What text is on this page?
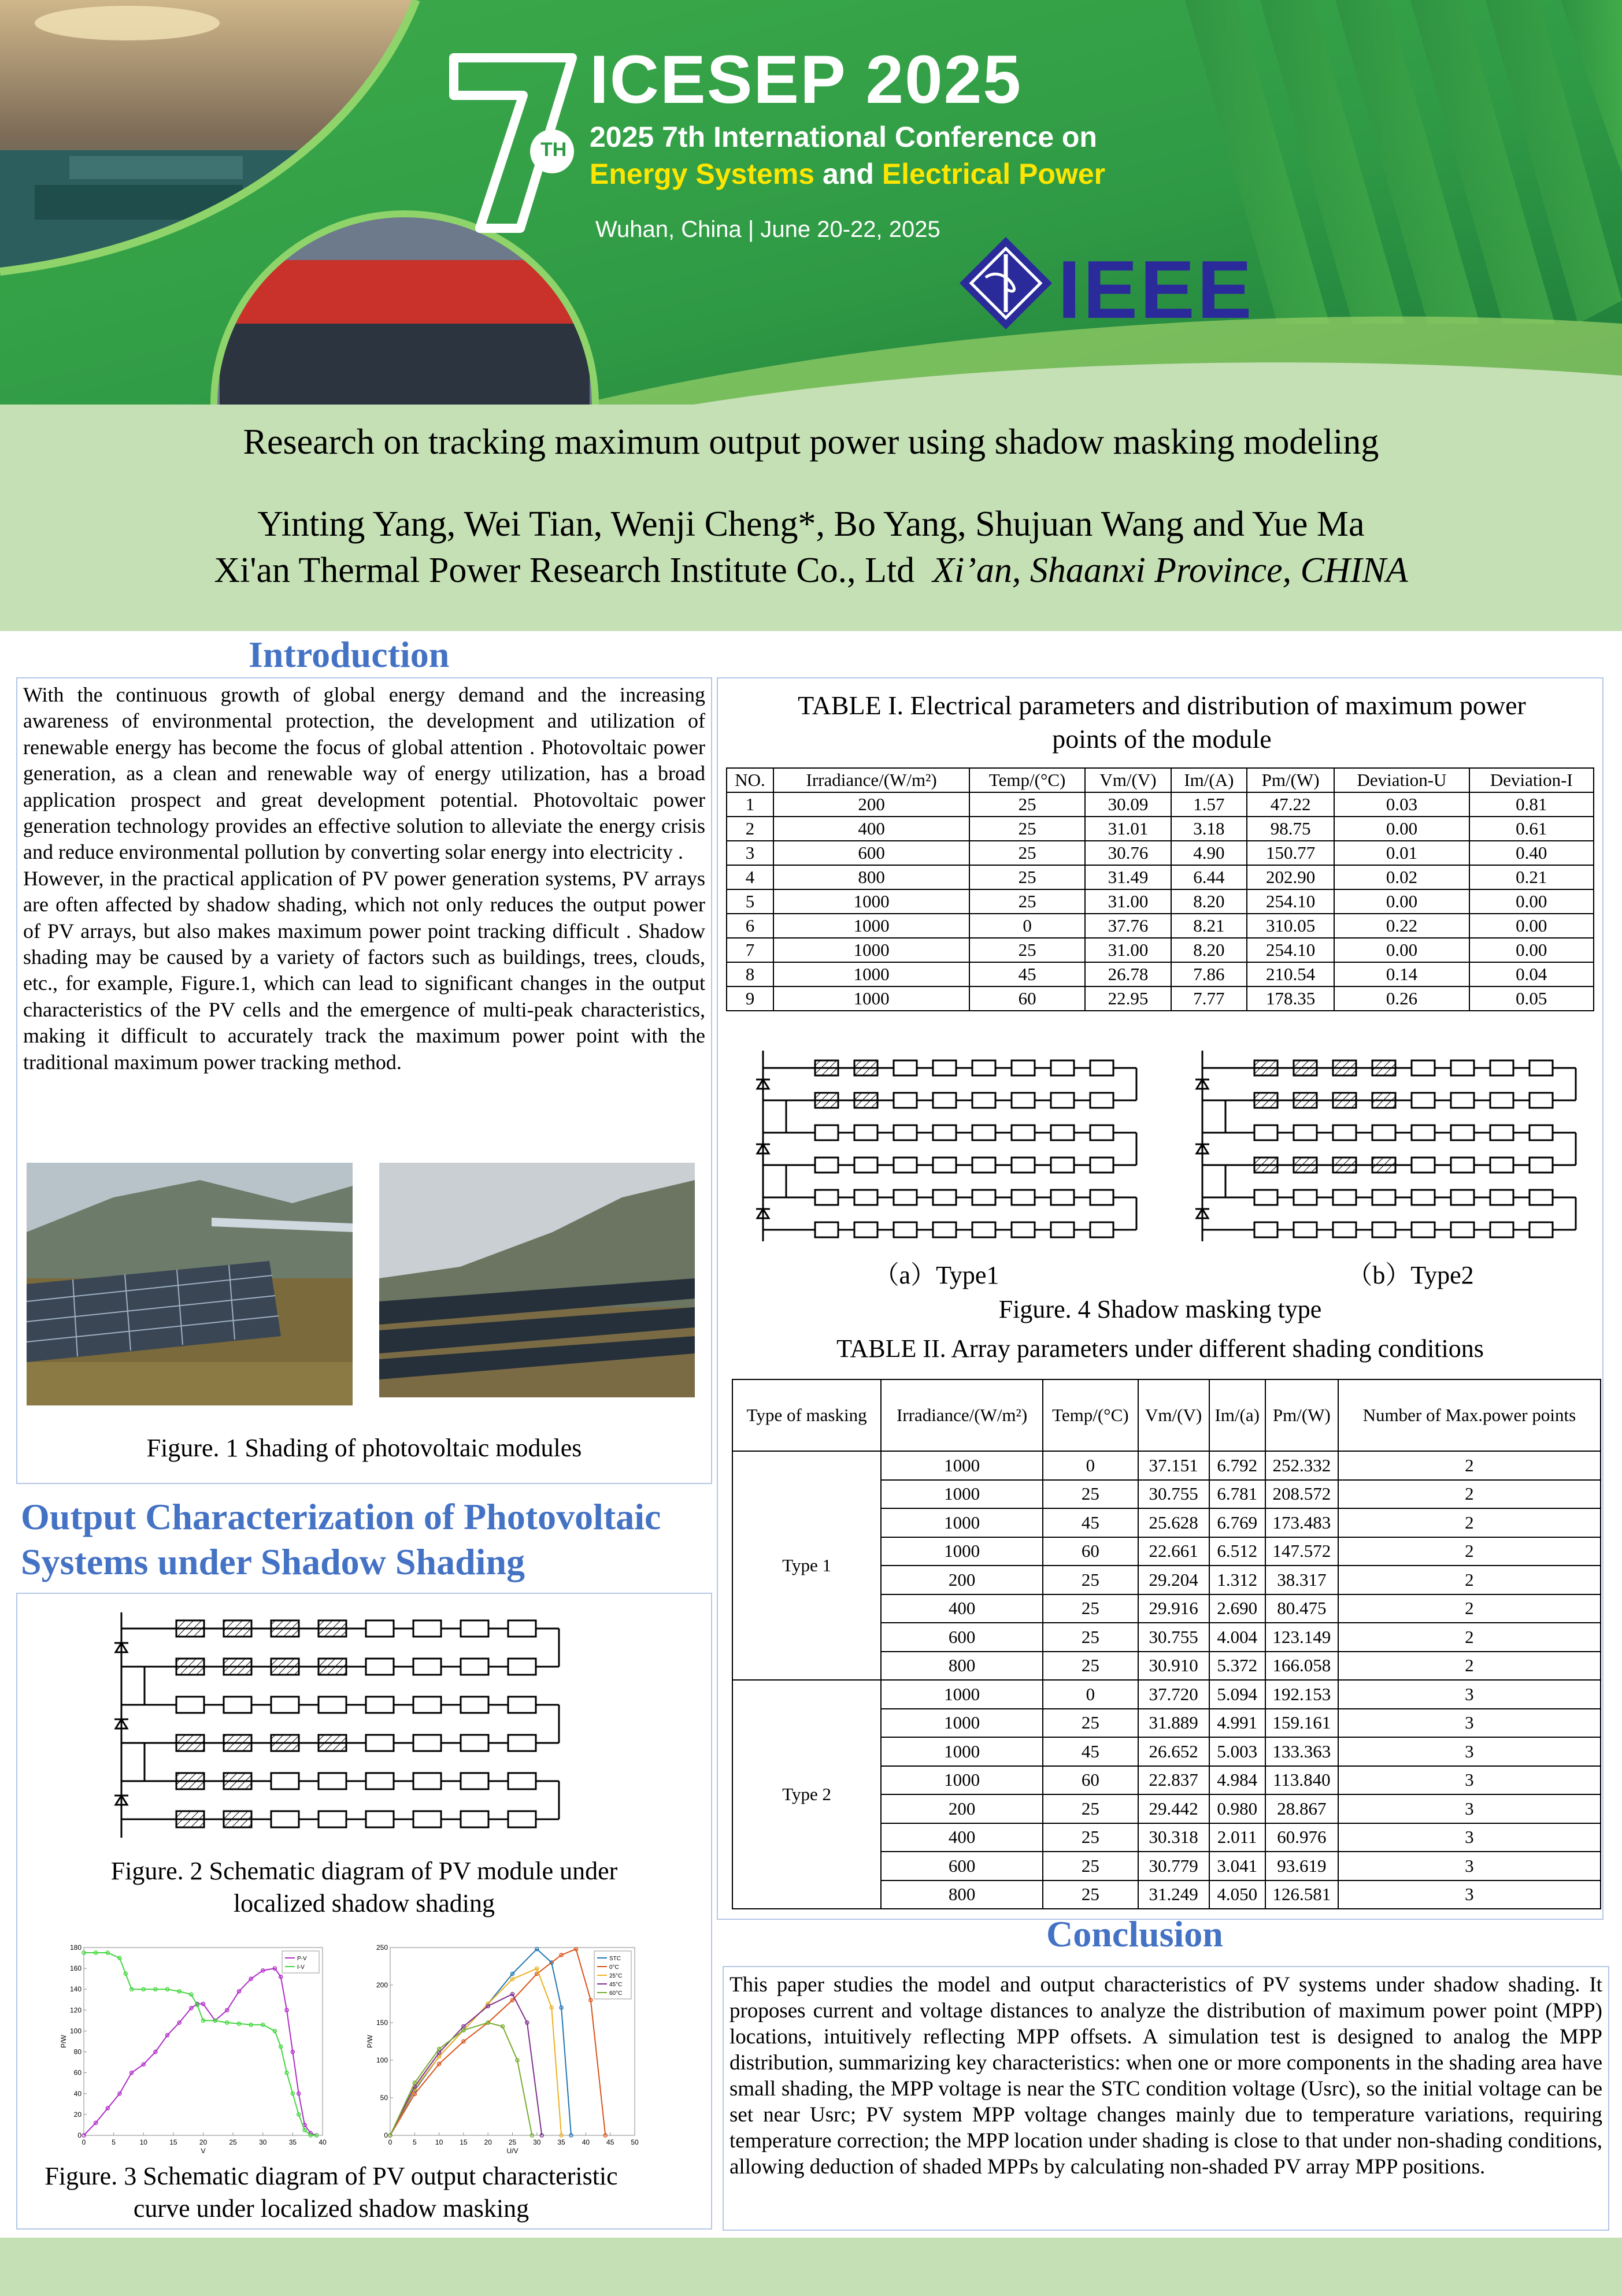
ICESEP 2025
TH 2025 7th International Conference on
Energy Systems and Electrical Power
Wuhan, China | June 20-22, 2025
IEEE
Research on tracking maximum output power using shadow masking modeling
Yinting Yang, Wei Tian, Wenji Cheng*, Bo Yang, Shujuan Wang and Yue Ma
Xi'an Thermal Power Research Institute Co., Ltd Xi’an, Shaanxi Province, CHINA
Introduction

With the continuous growth of global energy demand and the increasing awareness of environmental protection, the development and utilization of renewable energy has become the focus of global attention . Photovoltaic power generation, as a clean and renewable way of energy utilization, has a broad application prospect and great development potential. Photovoltaic power generation technology provides an effective solution to alleviate the energy crisis and reduce environmental pollution by converting solar energy into electricity .

However, in the practical application of PV power generation systems, PV arrays are often affected by shadow shading, which not only reduces the output power of PV arrays, but also makes maximum power point tracking difficult . Shadow shading may be caused by a variety of factors such as buildings, trees, clouds, etc., for example, Figure.1, which can lead to significant changes in the output characteristics of the PV cells and the emergence of multi-peak characteristics, making it difficult to accurately track the maximum power point with the traditional maximum power tracking method.

Figure. 1 Shading of photovoltaic modules
Output Characterization of Photovoltaic
Systems under Shadow Shading
Figure. 2 Schematic diagram of PV module under
localized shadow shading
0	5	10	15	20	25	30	35	40
0
20
40
60
80
100
120
140
160
180
V
P/W
P-V
I-V
0	5	10 15 20 25 30 35 40 45 50
0
50
100
150
200
250
U/V
P/W
STC
0°C
25°C
45°C
60°C
Figure. 3 Schematic diagram of PV output characteristic
curve under localized shadow masking
TABLE I. Electrical parameters and distribution of maximum power
points of the module
NO.	Irradiance/(W/m²)	Temp/(°C)	Vm/(V)	Im/(A)	Pm/(W)	Deviation-U	Deviation-I
1	200	25	30.09	1.57	47.22	0.03	0.81
2	400	25	31.01	3.18	98.75	0.00	0.61
3	600	25	30.76	4.90	150.77	0.01	0.40
4	800	25	31.49	6.44	202.90	0.02	0.21
5	1000	25	31.00	8.20	254.10	0.00	0.00
6	1000	0	37.76	8.21	310.05	0.22	0.00
7	1000	25	31.00	8.20	254.10	0.00	0.00
8	1000	45	26.78	7.86	210.54	0.14	0.04
9	1000	60	22.95	7.77	178.35	0.26	0.05
（a）Type1	（b）Type2
Figure. 4 Shadow masking type
TABLE II. Array parameters under different shading conditions
Type of masking	Irradiance/(W/m²)	Temp/(°C)	Vm/(V)	Im/(a)	Pm/(W)	Number of Max.power points
Type 1	1000	0	37.151	6.792	252.332	2
	1000	25	30.755	6.781	208.572	2
	1000	45	25.628	6.769	173.483	2
	1000	60	22.661	6.512	147.572	2
	200	25	29.204	1.312	38.317	2
	400	25	29.916	2.690	80.475	2
	600	25	30.755	4.004	123.149	2
	800	25	30.910	5.372	166.058	2
Type 2	1000	0	37.720	5.094	192.153	3
	1000	25	31.889	4.991	159.161	3
	1000	45	26.652	5.003	133.363	3
	1000	60	22.837	4.984	113.840	3
	200	25	29.442	0.980	28.867	3
	400	25	30.318	2.011	60.976	3
	600	25	30.779	3.041	93.619	3
	800	25	31.249	4.050	126.581	3
Conclusion
This paper studies the model and output characteristics of PV systems under shadow shading. It proposes current and voltage distances to analyze the distribution of maximum power point (MPP) locations, intuitively reflecting MPP offsets. A simulation test is designed to analog the MPP distribution, summarizing key characteristics: when one or more components in the shading area have small shading, the MPP voltage is near the STC condition voltage (Usrc), so the initial voltage can be set near Usrc; PV system MPP voltage changes mainly due to temperature variations, requiring temperature correction; the MPP location under shading is close to that under non-shading conditions, allowing deduction of shaded MPPs by calculating non-shaded PV array MPP positions.
